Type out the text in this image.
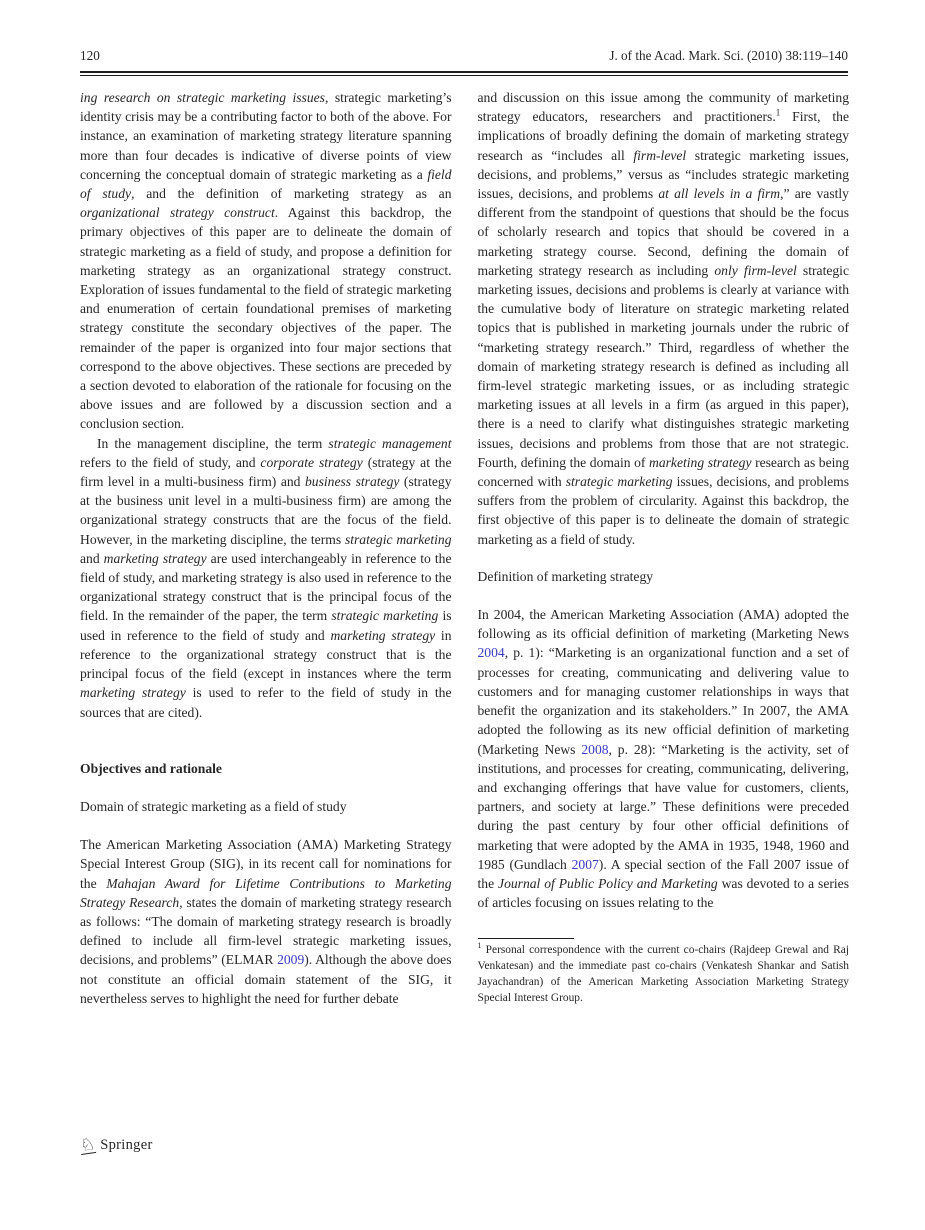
120	J. of the Acad. Mark. Sci. (2010) 38:119–140

ing research on strategic marketing issues, strategic marketing’s identity crisis may be a contributing factor to both of the above. For instance, an examination of marketing strategy literature spanning more than four decades is indicative of diverse points of view concerning the conceptual domain of strategic marketing as a field of study, and the definition of marketing strategy as an organizational strategy construct. Against this backdrop, the primary objectives of this paper are to delineate the domain of strategic marketing as a field of study, and propose a definition for marketing strategy as an organizational strategy construct. Exploration of issues fundamental to the field of strategic marketing and enumeration of certain foundational premises of marketing strategy constitute the secondary objectives of the paper. The remainder of the paper is organized into four major sections that correspond to the above objectives. These sections are preceded by a section devoted to elaboration of the rationale for focusing on the above issues and are followed by a discussion section and a conclusion section.

In the management discipline, the term strategic management refers to the field of study, and corporate strategy (strategy at the firm level in a multi-business firm) and business strategy (strategy at the business unit level in a multi-business firm) are among the organizational strategy constructs that are the focus of the field. However, in the marketing discipline, the terms strategic marketing and marketing strategy are used interchangeably in reference to the field of study, and marketing strategy is also used in reference to the organizational strategy construct that is the principal focus of the field. In the remainder of the paper, the term strategic marketing is used in reference to the field of study and marketing strategy in reference to the organizational strategy construct that is the principal focus of the field (except in instances where the term marketing strategy is used to refer to the field of study in the sources that are cited).

Objectives and rationale
Domain of strategic marketing as a field of study

The American Marketing Association (AMA) Marketing Strategy Special Interest Group (SIG), in its recent call for nominations for the Mahajan Award for Lifetime Contributions to Marketing Strategy Research, states the domain of marketing strategy research as follows: “The domain of marketing strategy research is broadly defined to include all firm-level strategic marketing issues, decisions, and problems” (ELMAR 2009). Although the above does not constitute an official domain statement of the SIG, it nevertheless serves to highlight the need for further debate

and discussion on this issue among the community of marketing strategy educators, researchers and practitioners.$^1$ First, the implications of broadly defining the domain of marketing strategy research as “includes all firm-level strategic marketing issues, decisions, and problems,” versus as “includes strategic marketing issues, decisions, and problems at all levels in a firm,” are vastly different from the standpoint of questions that should be the focus of scholarly research and topics that should be covered in a marketing strategy course. Second, defining the domain of marketing strategy research as including only firm-level strategic marketing issues, decisions and problems is clearly at variance with the cumulative body of literature on strategic marketing related topics that is published in marketing journals under the rubric of “marketing strategy research.” Third, regardless of whether the domain of marketing strategy research is defined as including all firm-level strategic marketing issues, or as including strategic marketing issues at all levels in a firm (as argued in this paper), there is a need to clarify what distinguishes strategic marketing issues, decisions and problems from those that are not strategic. Fourth, defining the domain of marketing strategy research as being concerned with strategic marketing issues, decisions, and problems suffers from the problem of circularity. Against this backdrop, the first objective of this paper is to delineate the domain of strategic marketing as a field of study.

Definition of marketing strategy

In 2004, the American Marketing Association (AMA) adopted the following as its official definition of marketing (Marketing News 2004, p. 1): “Marketing is an organizational function and a set of processes for creating, communicating and delivering value to customers and for managing customer relationships in ways that benefit the organization and its stakeholders.” In 2007, the AMA adopted the following as its new official definition of marketing (Marketing News 2008, p. 28): “Marketing is the activity, set of institutions, and processes for creating, communicating, delivering, and exchanging offerings that have value for customers, clients, partners, and society at large.” These definitions were preceded during the past century by four other official definitions of marketing that were adopted by the AMA in 1935, 1948, 1960 and 1985 (Gundlach 2007). A special section of the Fall 2007 issue of the Journal of Public Policy and Marketing was devoted to a series of articles focusing on issues relating to the

$^1$ Personal correspondence with the current co-chairs (Rajdeep Grewal and Raj Venkatesan) and the immediate past co-chairs (Venkatesh Shankar and Satish Jayachandran) of the American Marketing Association Marketing Strategy Special Interest Group.

♘ Springer
